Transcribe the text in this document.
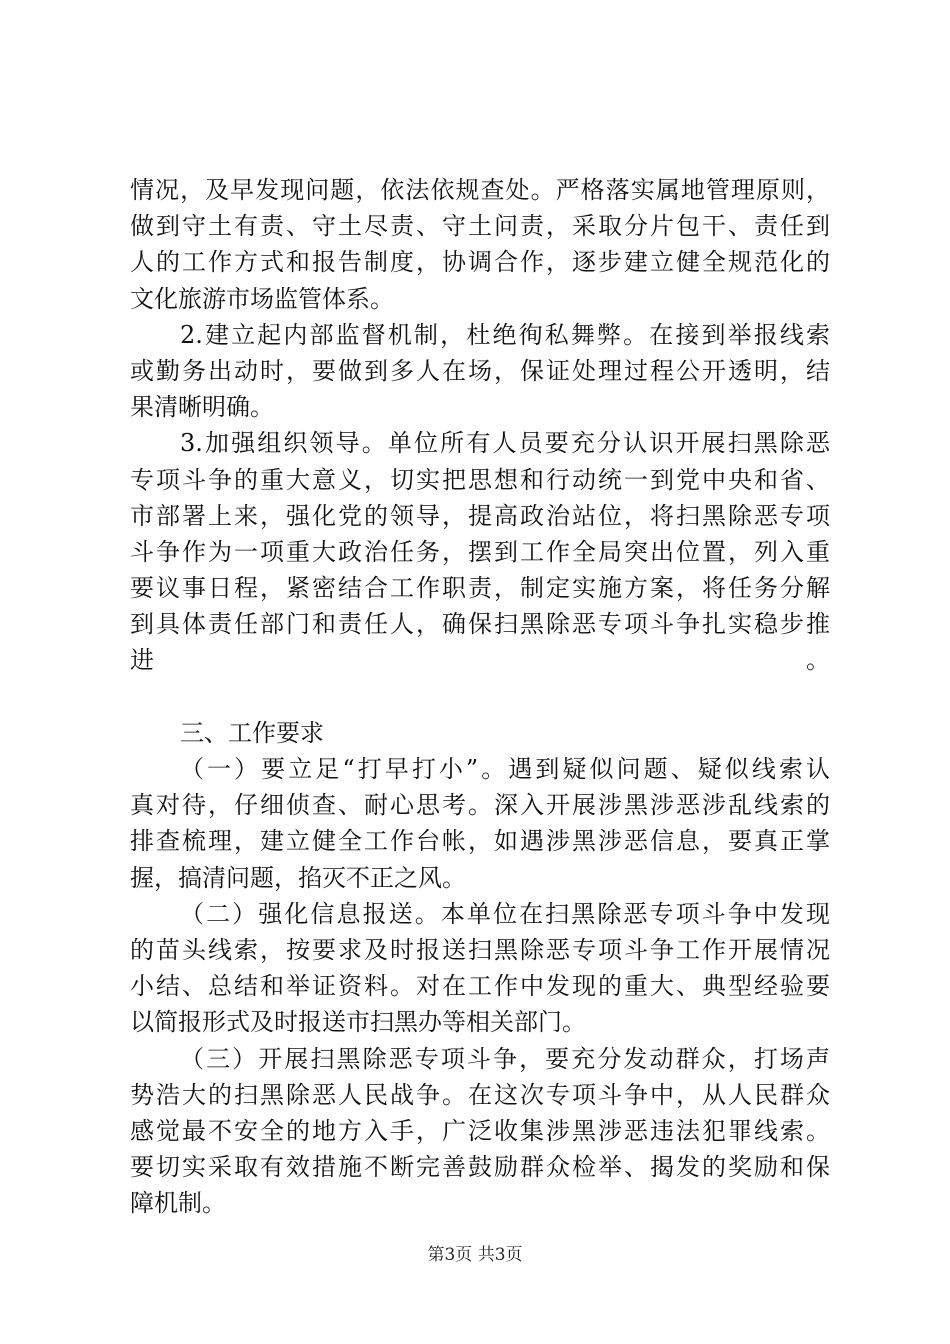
情况，及早发现问题，依法依规查处。严格落实属地管理原则，
做到守土有责、守土尽责、守土问责，采取分片包干、责任到
人的工作方式和报告制度，协调合作，逐步建立健全规范化的
文化旅游市场监管体系。
2.建立起内部监督机制，杜绝徇私舞弊。在接到举报线索
或勤务出动时，要做到多人在场，保证处理过程公开透明，结
果清晰明确。
3.加强组织领导。单位所有人员要充分认识开展扫黑除恶
专项斗争的重大意义，切实把思想和行动统一到党中央和省、
市部署上来，强化党的领导，提高政治站位，将扫黑除恶专项
斗争作为一项重大政治任务，摆到工作全局突出位置，列入重
要议事日程，紧密结合工作职责，制定实施方案，将任务分解
到具体责任部门和责任人，确保扫黑除恶专项斗争扎实稳步推
进。
三、工作要求
（一）要立足“打早打小”。遇到疑似问题、疑似线索认
真对待，仔细侦查、耐心思考。深入开展涉黑涉恶涉乱线索的
排查梳理，建立健全工作台帐，如遇涉黑涉恶信息，要真正掌
握，搞清问题，掐灭不正之风。
（二）强化信息报送。本单位在扫黑除恶专项斗争中发现
的苗头线索，按要求及时报送扫黑除恶专项斗争工作开展情况
小结、总结和举证资料。对在工作中发现的重大、典型经验要
以简报形式及时报送市扫黑办等相关部门。
（三）开展扫黑除恶专项斗争，要充分发动群众，打场声
势浩大的扫黑除恶人民战争。在这次专项斗争中，从人民群众
感觉最不安全的地方入手，广泛收集涉黑涉恶违法犯罪线索。
要切实采取有效措施不断完善鼓励群众检举、揭发的奖励和保
障机制。
第3页 共3页
